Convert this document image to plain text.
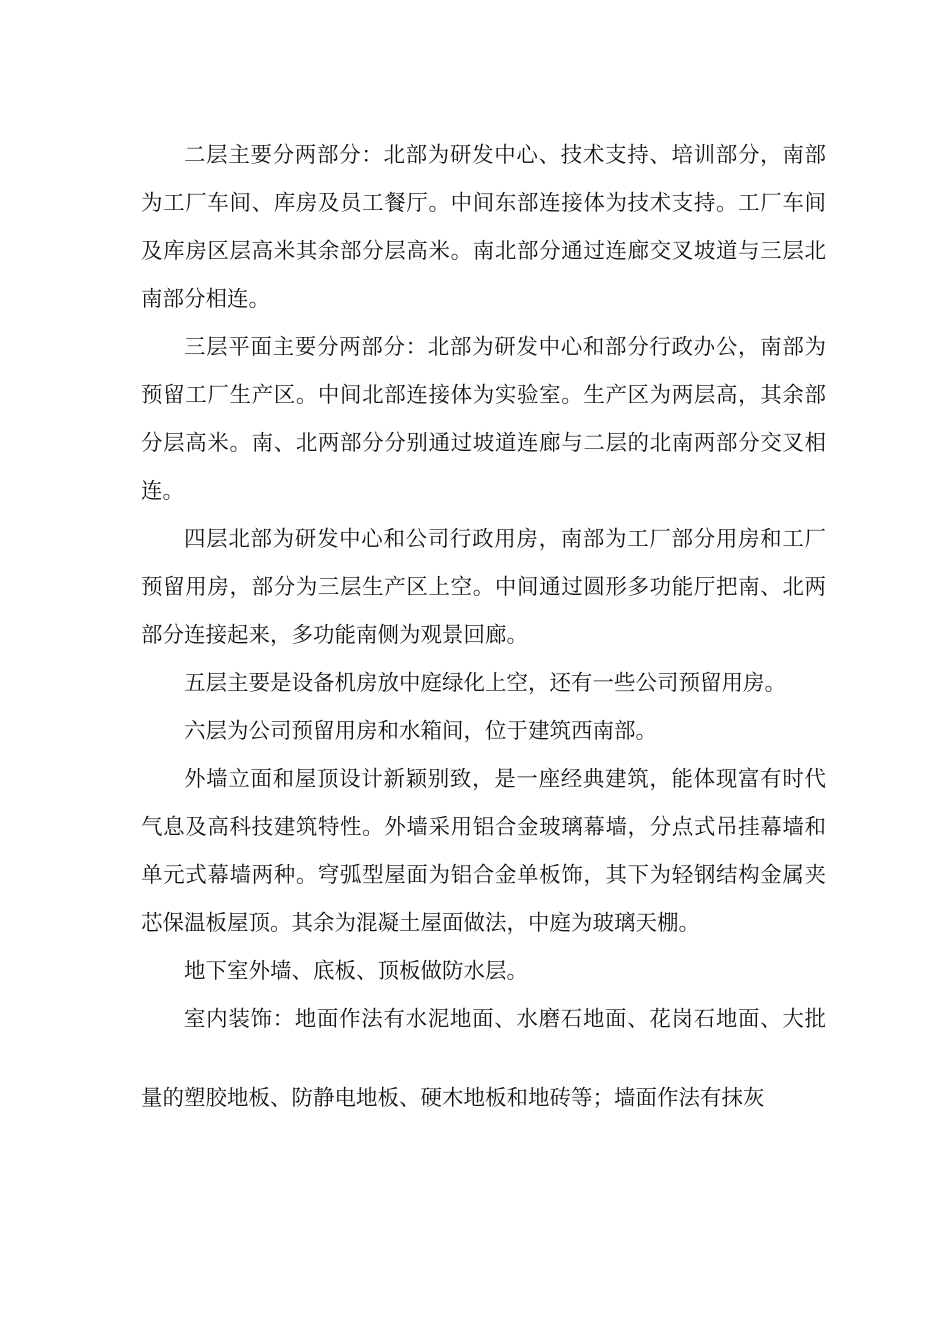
二层主要分两部分：北部为研发中心、技术支持、培训部分，南部为工厂车间、库房及员工餐厅。中间东部连接体为技术支持。工厂车间及库房区层高米其余部分层高米。南北部分通过连廊交叉坡道与三层北南部分相连。

三层平面主要分两部分：北部为研发中心和部分行政办公，南部为预留工厂生产区。中间北部连接体为实验室。生产区为两层高，其余部分层高米。南、北两部分分别通过坡道连廊与二层的北南两部分交叉相连。

四层北部为研发中心和公司行政用房，南部为工厂部分用房和工厂预留用房，部分为三层生产区上空。中间通过圆形多功能厅把南、北两部分连接起来，多功能南侧为观景回廊。

五层主要是设备机房放中庭绿化上空，还有一些公司预留用房。

六层为公司预留用房和水箱间，位于建筑西南部。

外墙立面和屋顶设计新颖别致，是一座经典建筑，能体现富有时代气息及高科技建筑特性。外墙采用铝合金玻璃幕墙，分点式吊挂幕墙和单元式幕墙两种。穹弧型屋面为铝合金单板饰，其下为轻钢结构金属夹芯保温板屋顶。其余为混凝土屋面做法，中庭为玻璃天棚。

地下室外墙、底板、顶板做防水层。

室内装饰：地面作法有水泥地面、水磨石地面、花岗石地面、大批量的塑胶地板、防静电地板、硬木地板和地砖等；墙面作法有抹灰
